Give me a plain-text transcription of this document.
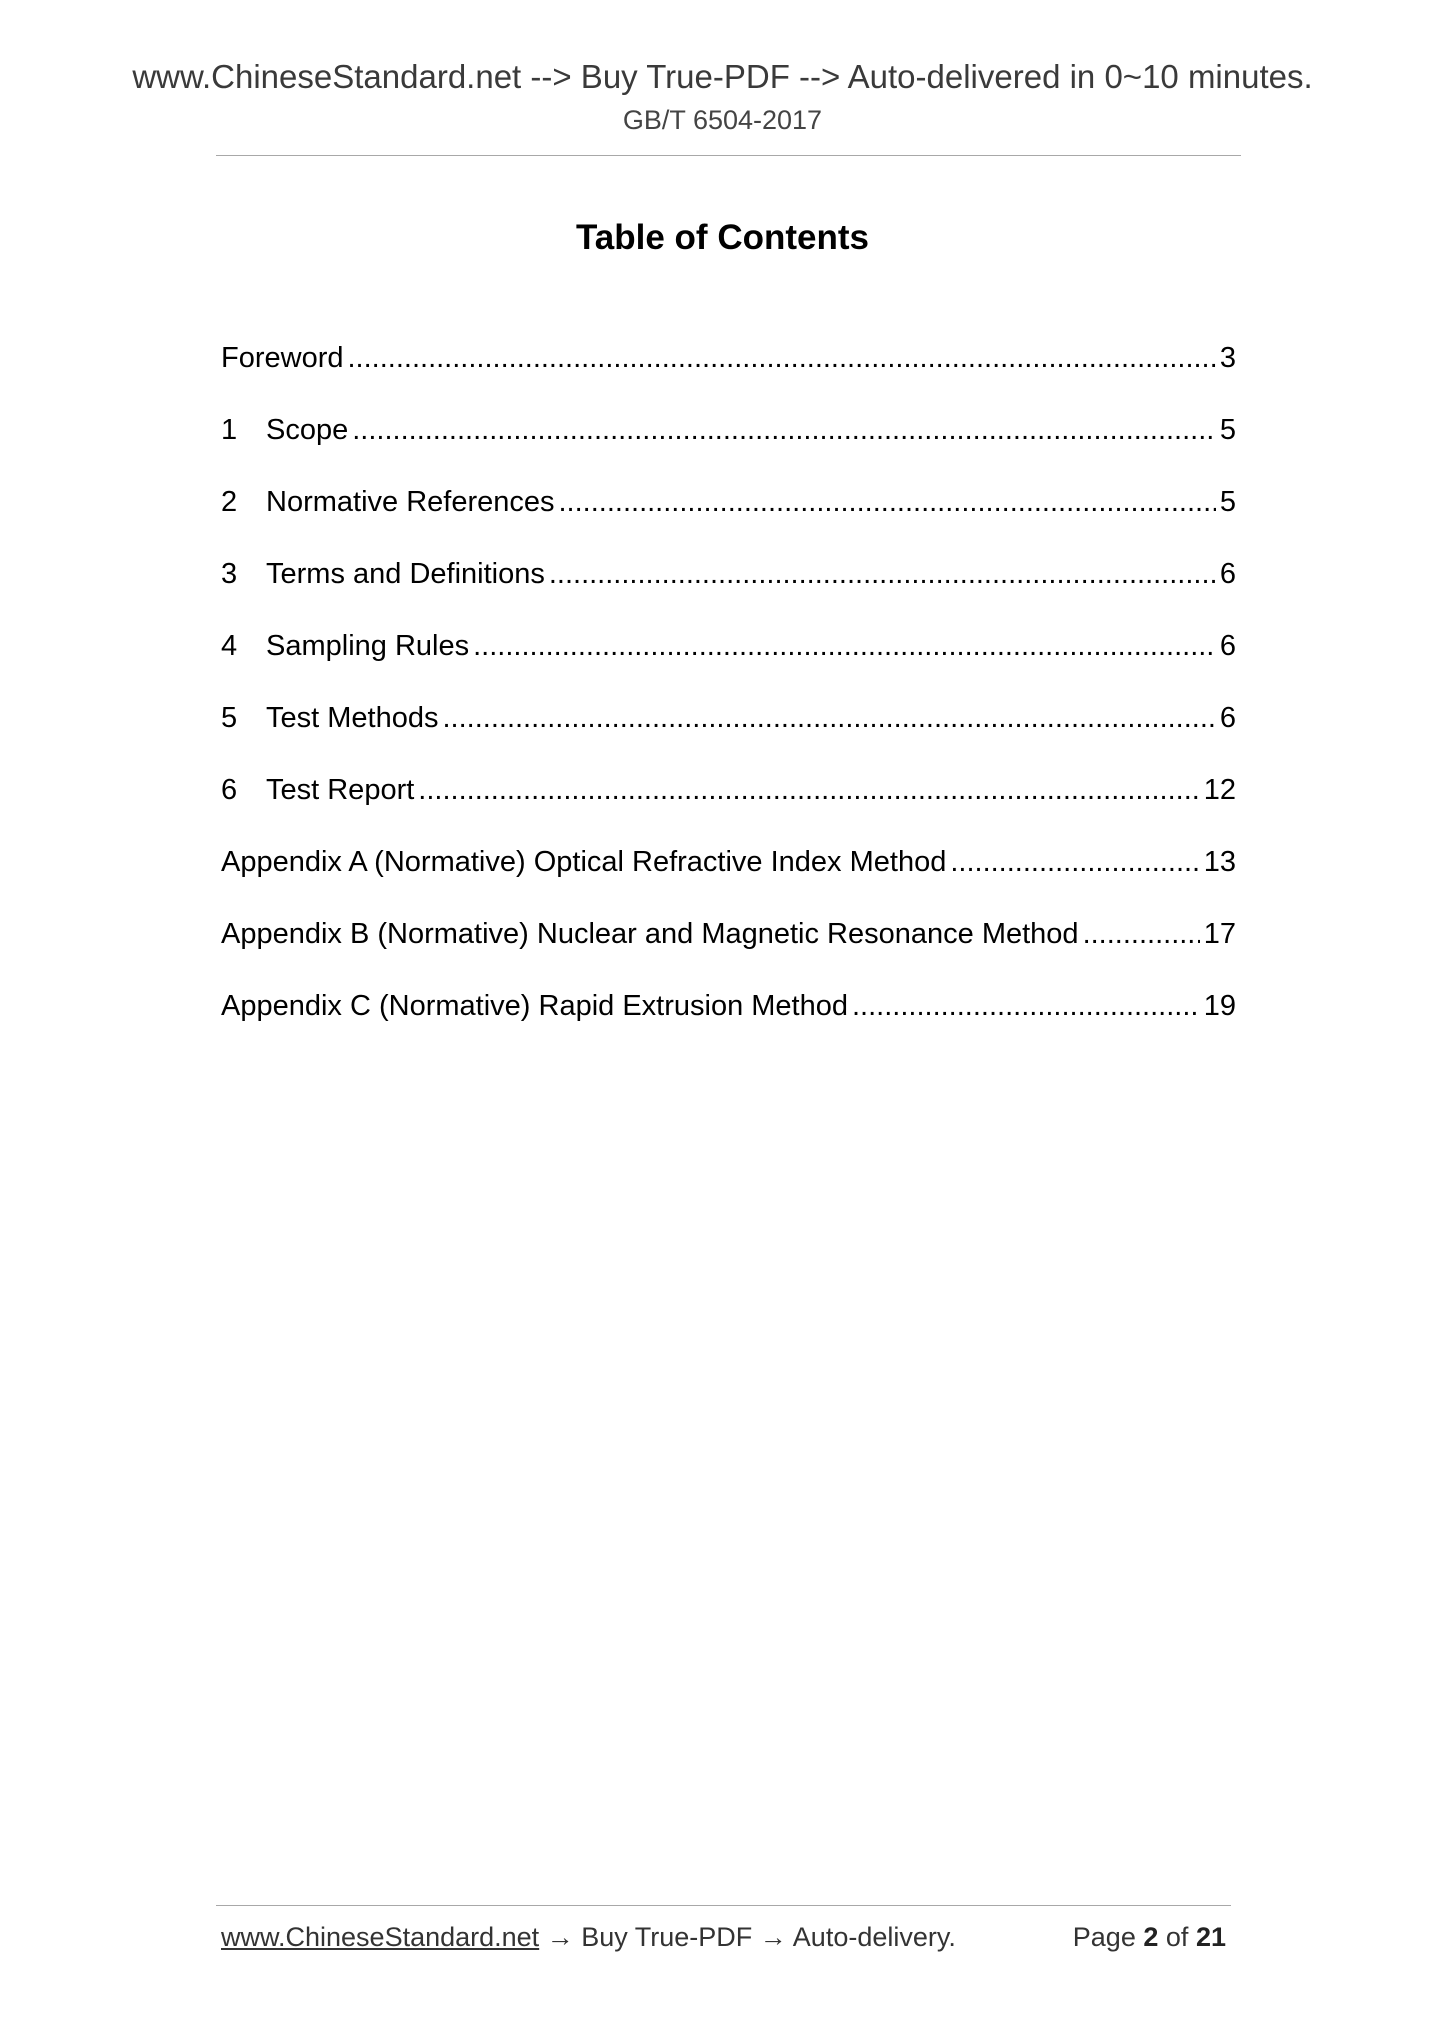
www.ChineseStandard.net --> Buy True-PDF --> Auto-delivered in 0~10 minutes.
GB/T 6504-2017
Table of Contents
Foreword .....	3
1 Scope .....	5
2 Normative References .....	5
3 Terms and Definitions .....	6
4 Sampling Rules .....	6
5 Test Methods .....	6
6 Test Report .....	12
Appendix A (Normative) Optical Refractive Index Method .....	13
Appendix B (Normative) Nuclear and Magnetic Resonance Method .....	17
Appendix C (Normative) Rapid Extrusion Method .....	19
www.ChineseStandard.net → Buy True-PDF → Auto-delivery.	Page 2 of 21
